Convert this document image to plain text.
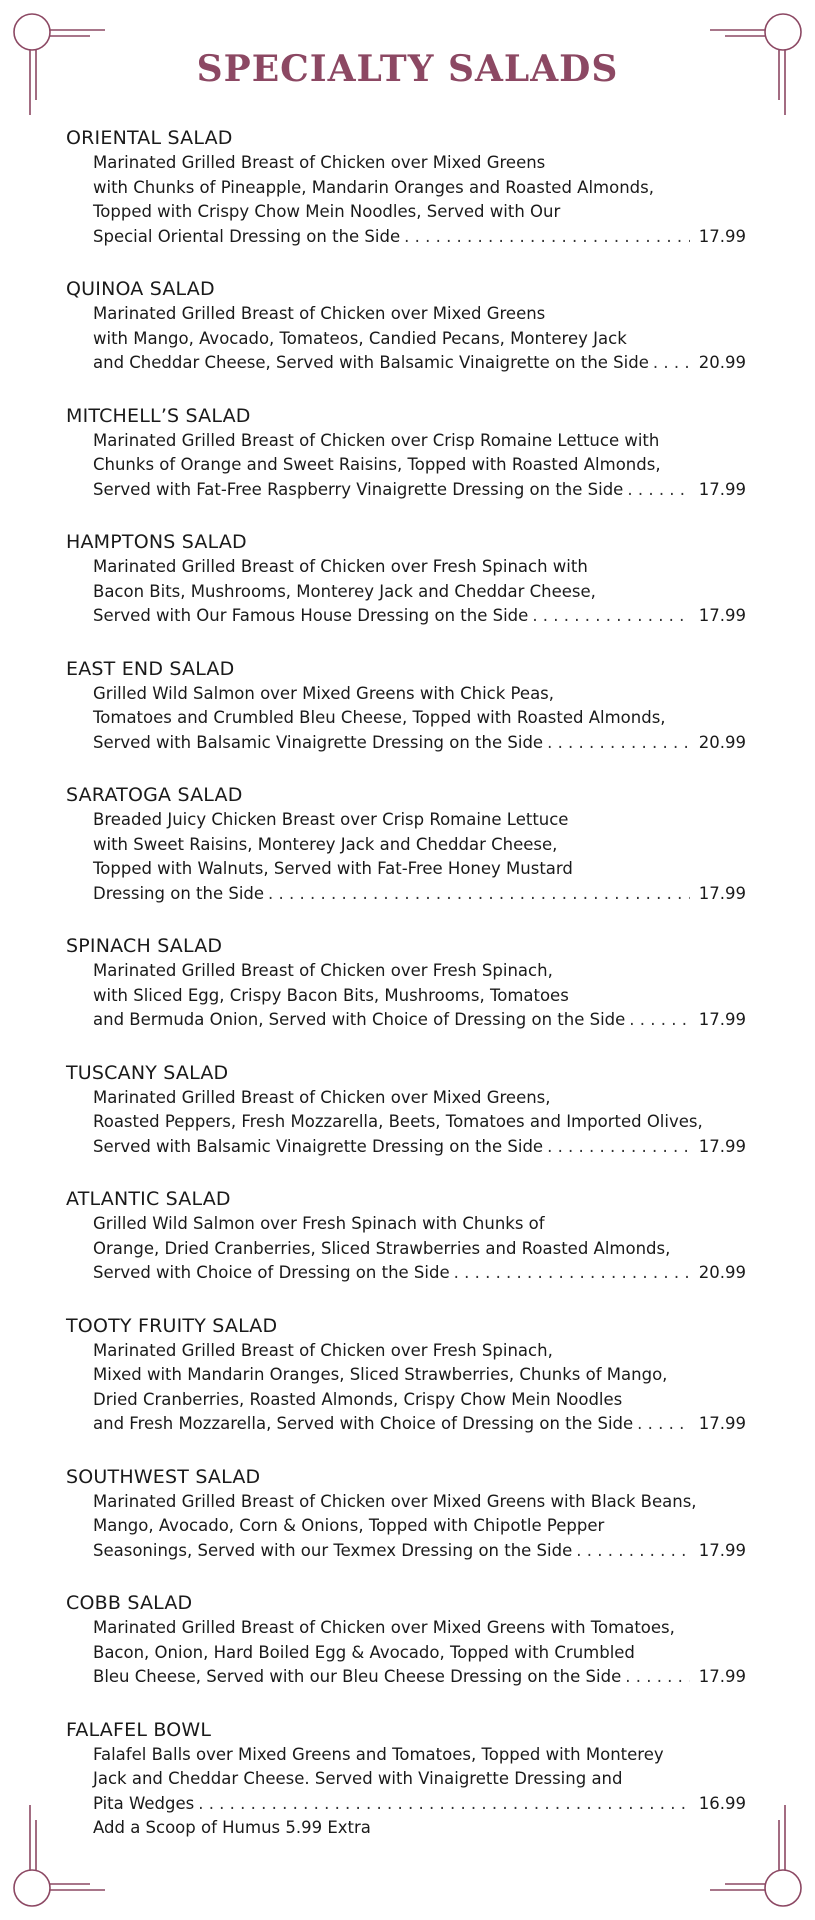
SPECIALTY SALADS
ORIENTAL SALAD
Marinated Grilled Breast of Chicken over Mixed Greens
with Chunks of Pineapple, Mandarin Oranges and Roasted Almonds,
Topped with Crispy Chow Mein Noodles, Served with Our
Special Oriental Dressing on the Side . . .	17.99
QUINOA SALAD
Marinated Grilled Breast of Chicken over Mixed Greens
with Mango, Avocado, Tomateos, Candied Pecans, Monterey Jack
and Cheddar Cheese, Served with Balsamic Vinaigrette on the Side . . .	20.99
MITCHELL’S SALAD
Marinated Grilled Breast of Chicken over Crisp Romaine Lettuce with
Chunks of Orange and Sweet Raisins, Topped with Roasted Almonds,
Served with Fat-Free Raspberry Vinaigrette Dressing on the Side . . .	17.99
HAMPTONS SALAD
Marinated Grilled Breast of Chicken over Fresh Spinach with
Bacon Bits, Mushrooms, Monterey Jack and Cheddar Cheese,
Served with Our Famous House Dressing on the Side . . .	17.99
EAST END SALAD
Grilled Wild Salmon over Mixed Greens with Chick Peas,
Tomatoes and Crumbled Bleu Cheese, Topped with Roasted Almonds,
Served with Balsamic Vinaigrette Dressing on the Side . . .	20.99
SARATOGA SALAD
Breaded Juicy Chicken Breast over Crisp Romaine Lettuce
with Sweet Raisins, Monterey Jack and Cheddar Cheese,
Topped with Walnuts, Served with Fat-Free Honey Mustard
Dressing on the Side . . .	17.99
SPINACH SALAD
Marinated Grilled Breast of Chicken over Fresh Spinach,
with Sliced Egg, Crispy Bacon Bits, Mushrooms, Tomatoes
and Bermuda Onion, Served with Choice of Dressing on the Side . . .	17.99
TUSCANY SALAD
Marinated Grilled Breast of Chicken over Mixed Greens,
Roasted Peppers, Fresh Mozzarella, Beets, Tomatoes and Imported Olives,
Served with Balsamic Vinaigrette Dressing on the Side . . .	17.99
ATLANTIC SALAD
Grilled Wild Salmon over Fresh Spinach with Chunks of
Orange, Dried Cranberries, Sliced Strawberries and Roasted Almonds,
Served with Choice of Dressing on the Side . . .	20.99
TOOTY FRUITY SALAD
Marinated Grilled Breast of Chicken over Fresh Spinach,
Mixed with Mandarin Oranges, Sliced Strawberries, Chunks of Mango,
Dried Cranberries, Roasted Almonds, Crispy Chow Mein Noodles
and Fresh Mozzarella, Served with Choice of Dressing on the Side . . .	17.99
SOUTHWEST SALAD
Marinated Grilled Breast of Chicken over Mixed Greens with Black Beans,
Mango, Avocado, Corn & Onions, Topped with Chipotle Pepper
Seasonings, Served with our Texmex Dressing on the Side . . .	17.99
COBB SALAD
Marinated Grilled Breast of Chicken over Mixed Greens with Tomatoes,
Bacon, Onion, Hard Boiled Egg & Avocado, Topped with Crumbled
Bleu Cheese, Served with our Bleu Cheese Dressing on the Side . . .	17.99
FALAFEL BOWL
Falafel Balls over Mixed Greens and Tomatoes, Topped with Monterey
Jack and Cheddar Cheese. Served with Vinaigrette Dressing and
Pita Wedges . . .	16.99
Add a Scoop of Humus 5.99 Extra
